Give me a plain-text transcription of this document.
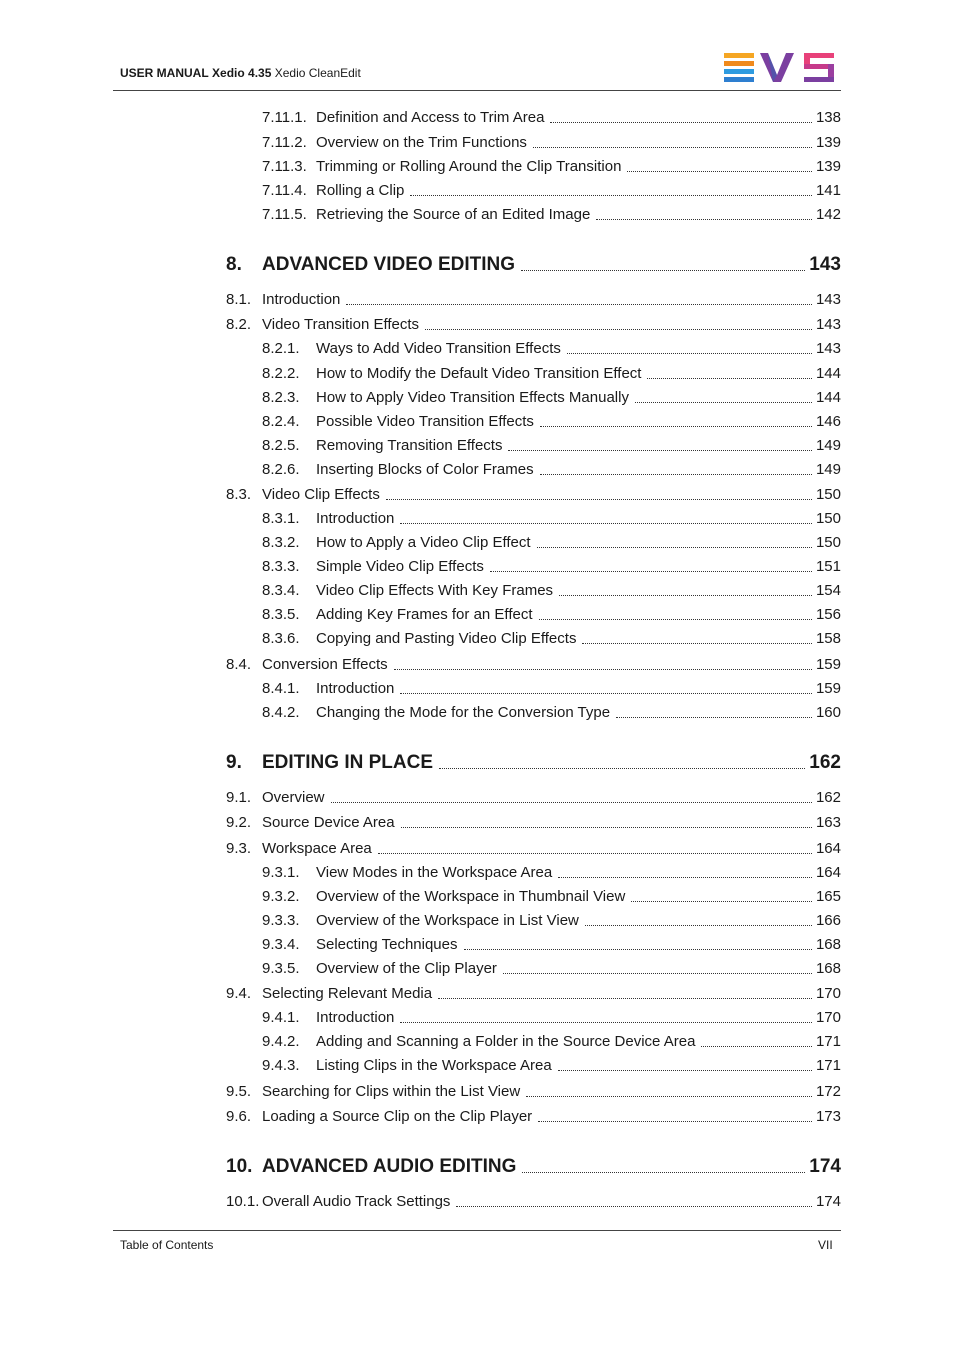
USER MANUAL Xedio 4.35 Xedio CleanEdit
7.11.1. Definition and Access to Trim Area	138
7.11.2. Overview on the Trim Functions	139
7.11.3. Trimming or Rolling Around the Clip Transition	139
7.11.4. Rolling a Clip	141
7.11.5. Retrieving the Source of an Edited Image	142
8.	ADVANCED VIDEO EDITING	143
8.1. Introduction	143
8.2. Video Transition Effects	143
8.2.1.	Ways to Add Video Transition Effects	143
8.2.2.	How to Modify the Default Video Transition Effect	144
8.2.3.	How to Apply Video Transition Effects Manually	144
8.2.4.	Possible Video Transition Effects	146
8.2.5.	Removing Transition Effects	149
8.2.6.	Inserting Blocks of Color Frames	149
8.3. Video Clip Effects	150
8.3.1.	Introduction	150
8.3.2.	How to Apply a Video Clip Effect	150
8.3.3.	Simple Video Clip Effects	151
8.3.4.	Video Clip Effects With Key Frames	154
8.3.5.	Adding Key Frames for an Effect	156
8.3.6.	Copying and Pasting Video Clip Effects	158
8.4. Conversion Effects	159
8.4.1.	Introduction	159
8.4.2.	Changing the Mode for the Conversion Type	160
9.	EDITING IN PLACE	162
9.1. Overview	162
9.2. Source Device Area	163
9.3. Workspace Area	164
9.3.1.	View Modes in the Workspace Area	164
9.3.2.	Overview of the Workspace in Thumbnail View	165
9.3.3.	Overview of the Workspace in List View	166
9.3.4.	Selecting Techniques	168
9.3.5.	Overview of the Clip Player	168
9.4. Selecting Relevant Media	170
9.4.1.	Introduction	170
9.4.2.	Adding and Scanning a Folder in the Source Device Area	171
9.4.3.	Listing Clips in the Workspace Area	171
9.5. Searching for Clips within the List View	172
9.6. Loading a Source Clip on the Clip Player	173
10. ADVANCED AUDIO EDITING	174
10.1. Overall Audio Track Settings	174
Table of Contents	VII
